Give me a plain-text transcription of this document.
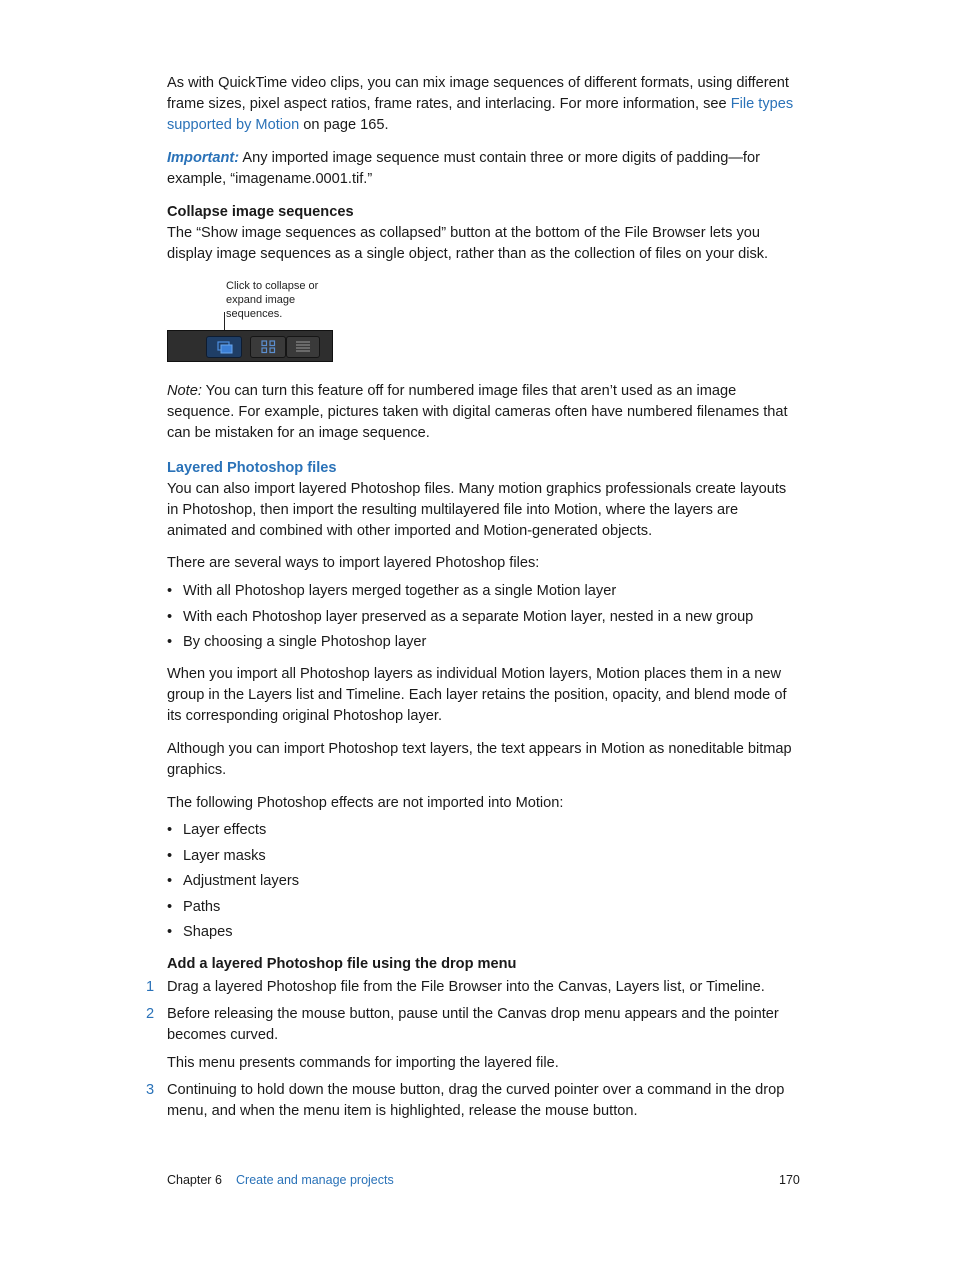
As with QuickTime video clips, you can mix image sequences of different formats, using different frame sizes, pixel aspect ratios, frame rates, and interlacing. For more information, see File types supported by Motion on page 165.

Important: Any imported image sequence must contain three or more digits of padding—for example, “imagename.0001.tif.”

Collapse image sequences

The “Show image sequences as collapsed” button at the bottom of the File Browser lets you display image sequences as a single object, rather than as the collection of files on your disk.

Click to collapse or expand image sequences.

Note: You can turn this feature off for numbered image files that aren’t used as an image sequence. For example, pictures taken with digital cameras often have numbered filenames that can be mistaken for an image sequence.

Layered Photoshop files

You can also import layered Photoshop files. Many motion graphics professionals create layouts in Photoshop, then import the resulting multilayered file into Motion, where the layers are animated and combined with other imported and Motion-generated objects.

There are several ways to import layered Photoshop files:

• With all Photoshop layers merged together as a single Motion layer
• With each Photoshop layer preserved as a separate Motion layer, nested in a new group
• By choosing a single Photoshop layer

When you import all Photoshop layers as individual Motion layers, Motion places them in a new group in the Layers list and Timeline. Each layer retains the position, opacity, and blend mode of its corresponding original Photoshop layer.

Although you can import Photoshop text layers, the text appears in Motion as noneditable bitmap graphics.

The following Photoshop effects are not imported into Motion:

• Layer effects
• Layer masks
• Adjustment layers
• Paths
• Shapes

Add a layered Photoshop file using the drop menu

1 Drag a layered Photoshop file from the File Browser into the Canvas, Layers list, or Timeline.
2 Before releasing the mouse button, pause until the Canvas drop menu appears and the pointer becomes curved.

This menu presents commands for importing the layered file.

3 Continuing to hold down the mouse button, drag the curved pointer over a command in the drop menu, and when the menu item is highlighted, release the mouse button.
Chapter 6 Create and manage projects	170
